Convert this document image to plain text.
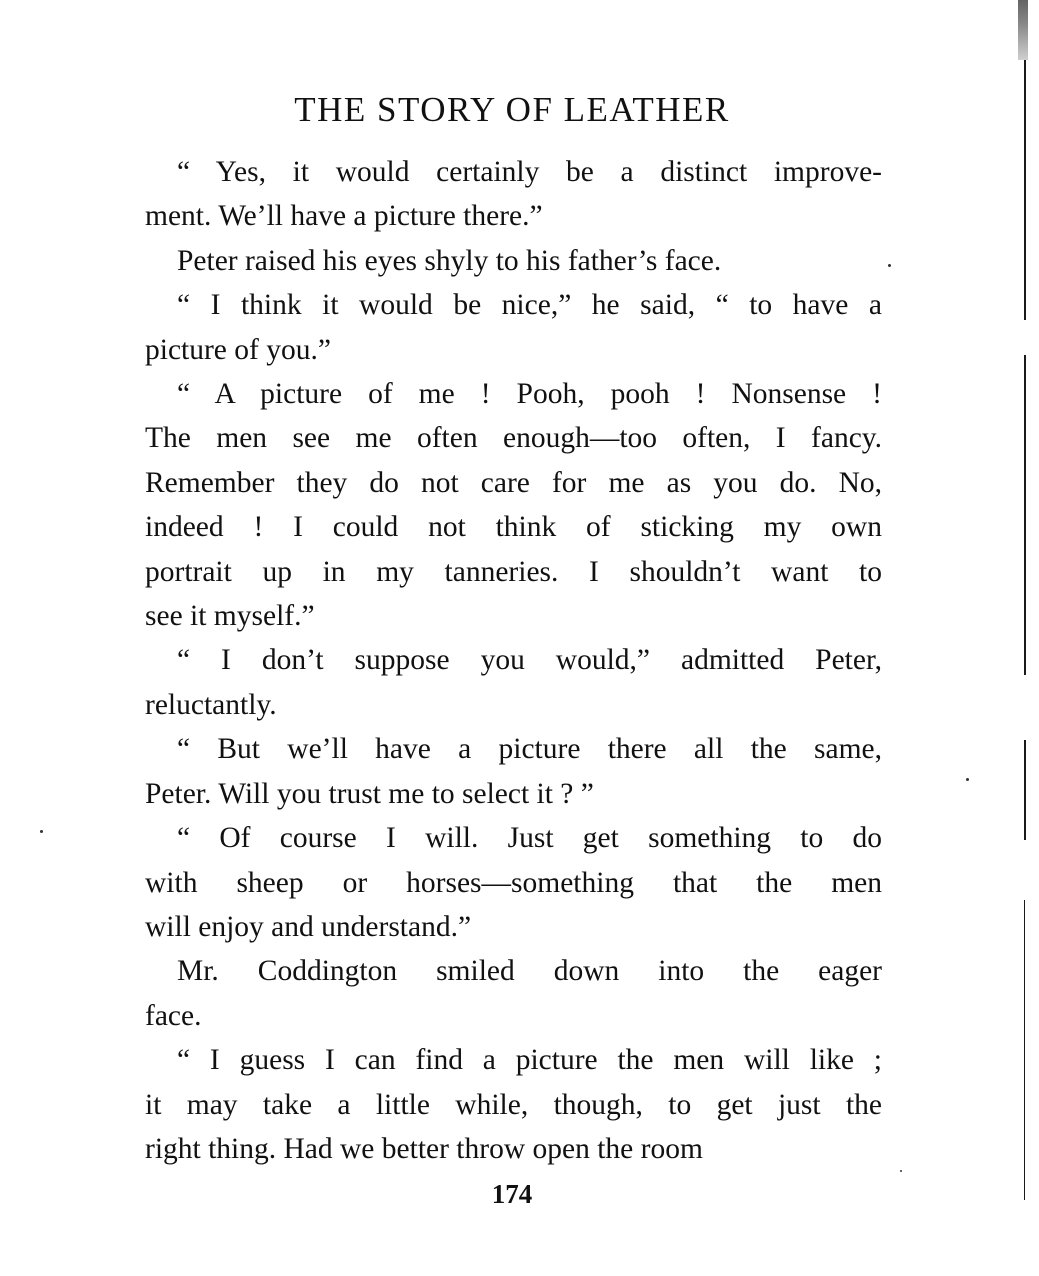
THE STORY OF LEATHER
“ Yes, it would certainly be a distinct improve-
ment. We’ll have a picture there.”
Peter raised his eyes shyly to his father’s face.
“ I think it would be nice,” he said, “ to have a
picture of you.”
“ A picture of me ! Pooh, pooh ! Nonsense !
The men see me often enough—too often, I fancy.
Remember they do not care for me as you do. No,
indeed ! I could not think of sticking my own
portrait up in my tanneries. I shouldn’t want to
see it myself.”
“ I don’t suppose you would,” admitted Peter,
reluctantly.
“ But we’ll have a picture there all the same,
Peter. Will you trust me to select it ? ”
“ Of course I will. Just get something to do
with sheep or horses—something that the men
will enjoy and understand.”
Mr. Coddington smiled down into the eager
face.
“ I guess I can find a picture the men will like ;
it may take a little while, though, to get just the
right thing. Had we better throw open the room
174
